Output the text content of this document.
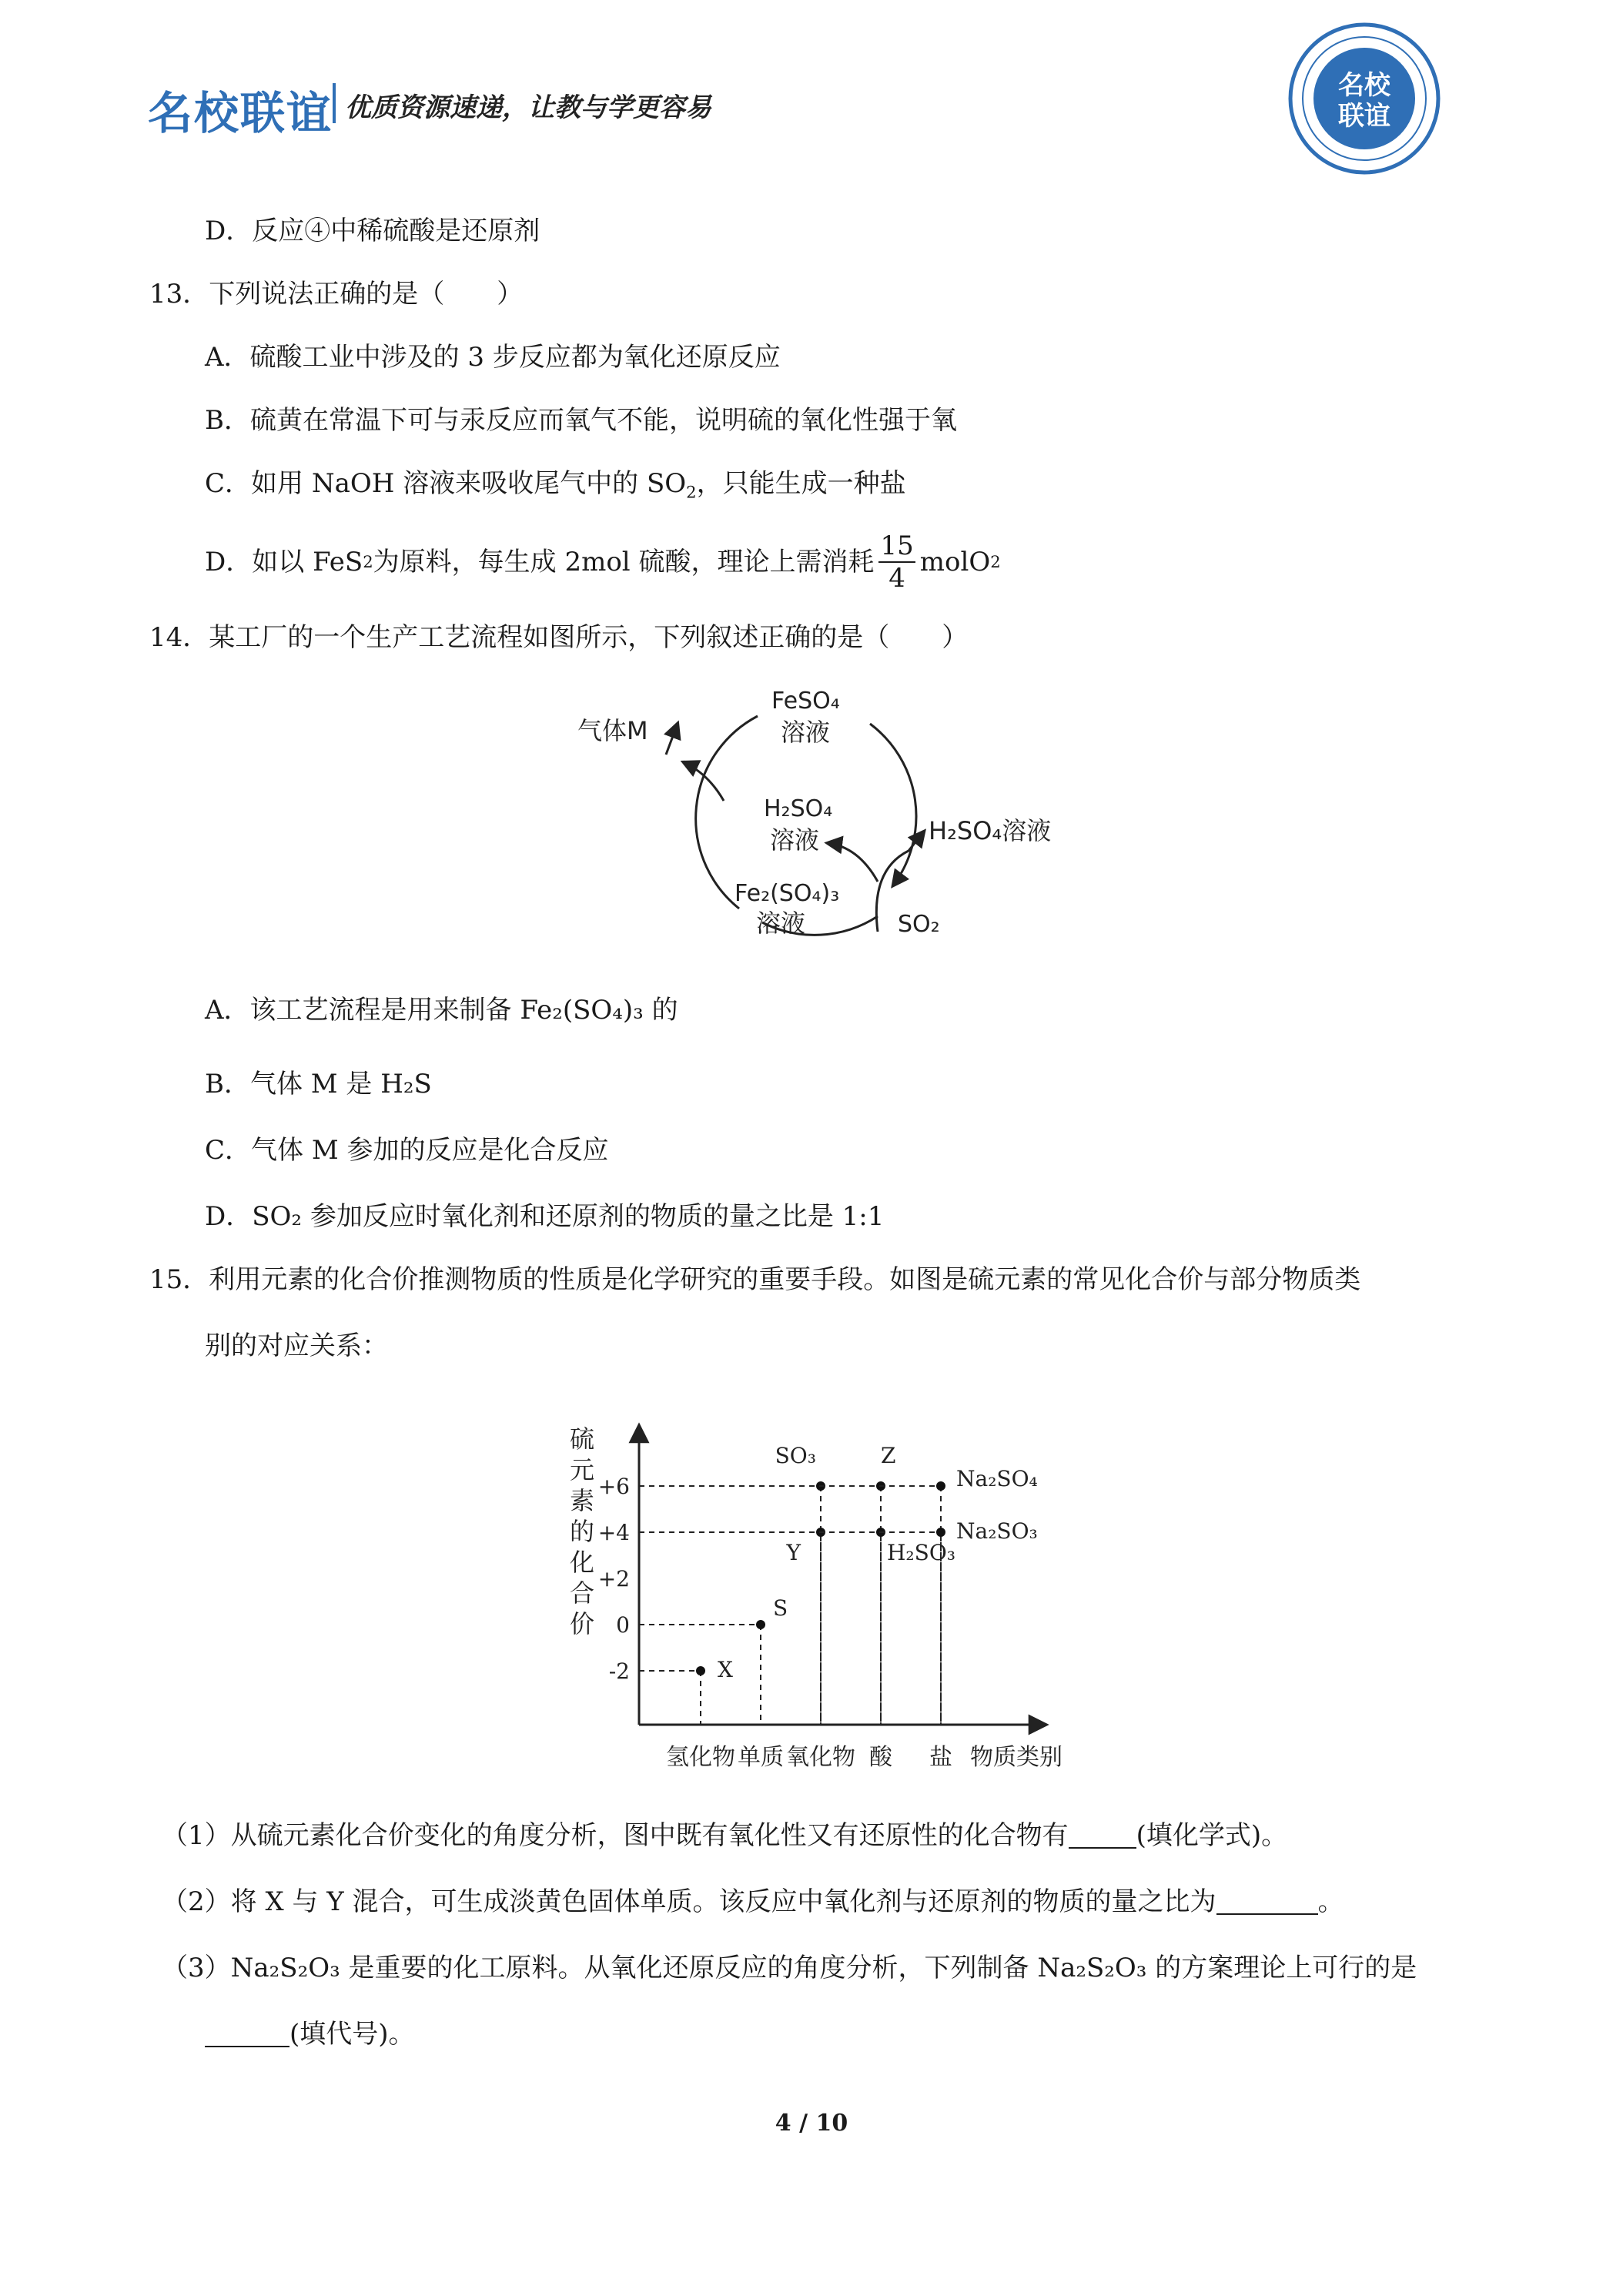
名校联谊 优质资源速递，让教与学更容易
名校
联谊
D．反应④中稀硫酸是还原剂
13．下列说法正确的是（　　）
A．硫酸工业中涉及的 3 步反应都为氧化还原反应
B．硫黄在常温下可与汞反应而氧气不能，说明硫的氧化性强于氧
C．如用 NaOH 溶液来吸收尾气中的 $SO_2$，只能生成一种盐
D．如以 FeS 2 为原料，每生成 2mol 硫酸，理论上需消耗 $\frac{15}{4}$ molO 2
14．某工厂的一个生产工艺流程如图所示，下列叙述正确的是（　　）
气体M
FeSO₄
溶液
H₂SO₄
溶液
Fe₂(SO₄)₃
溶液
H₂SO₄溶液
SO₂
A．该工艺流程是用来制备 Fe₂(SO₄)₃ 的
B．气体 M 是 H₂S
C．气体 M 参加的反应是化合反应
D．SO₂ 参加反应时氧化剂和还原剂的物质的量之比是 1:1
15．利用元素的化合价推测物质的性质是化学研究的重要手段。如图是硫元素的常见化合价与部分物质类
别的对应关系：
硫
元
素
的
化
合
价
+6
+4
+2
0
-2
氢化物 单质 氧化物 酸 盐 物质类别
X
S
SO₃
Y
Z
H₂SO₃
Na₂SO₄
Na₂SO₃
（1）从硫元素化合价变化的角度分析，图中既有氧化性又有还原性的化合物有	(填化学式)。
（2）将 X 与 Y 混合，可生成淡黄色固体单质。该反应中氧化剂与还原剂的物质的量之比为	。
（3）Na₂S₂O₃ 是重要的化工原料。从氧化还原反应的角度分析，下列制备 Na₂S₂O₃ 的方案理论上可行的是
(填代号)。
4 / 10
